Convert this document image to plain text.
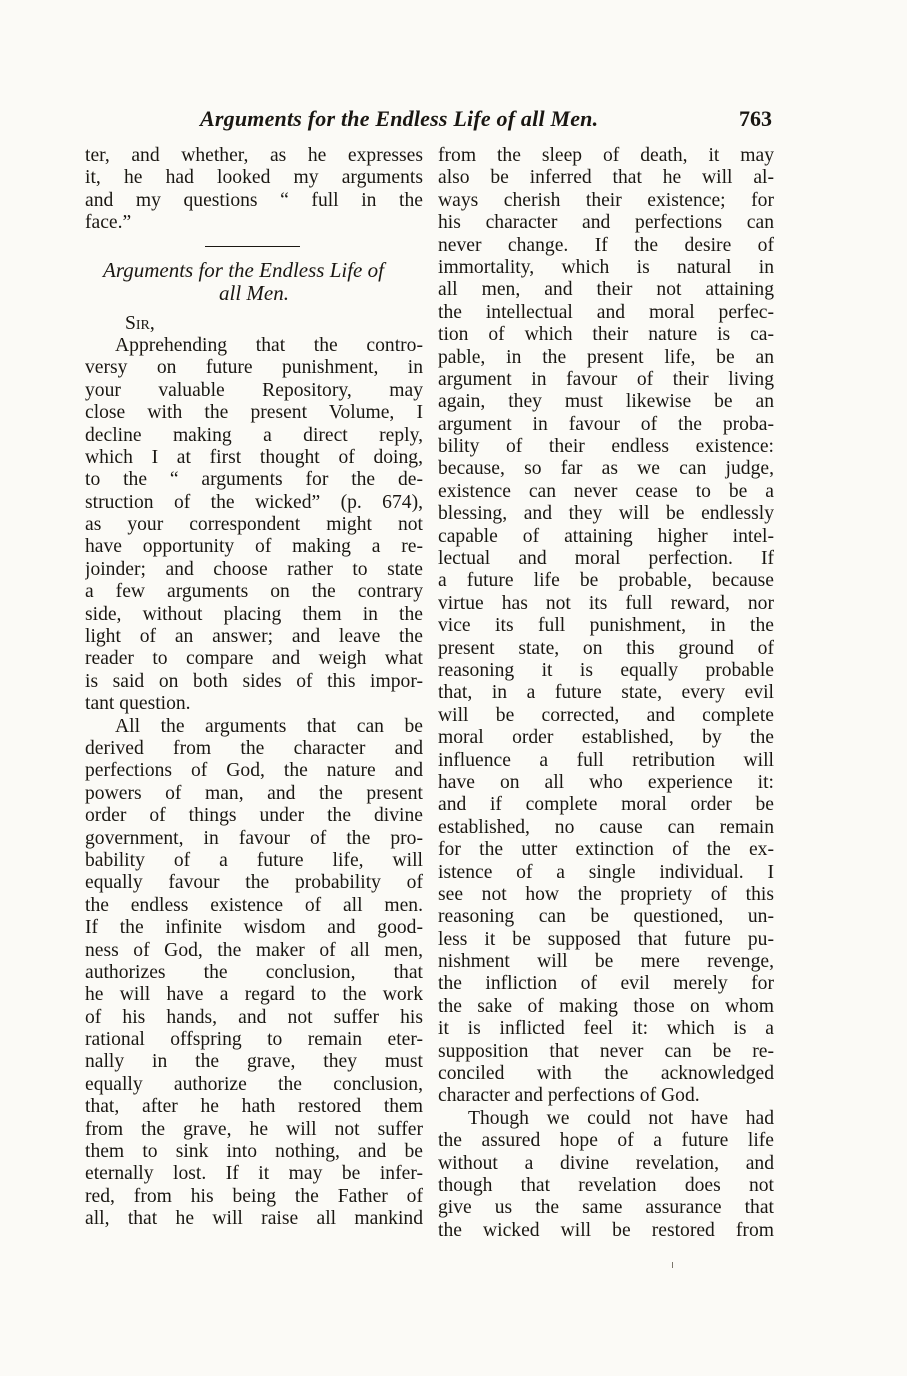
Arguments for the Endless Life of all Men.	763
ter, and whether, as he expresses
it, he had looked my arguments
and my questions “ full in the
face.”
Arguments for the Endless Life of
all Men.
Sir,
Apprehending that the contro-
versy on future punishment, in
your valuable Repository, may
close with the present Volume, I
decline making a direct reply,
which I at first thought of doing,
to the “ arguments for the de-
struction of the wicked” (p. 674),
as your correspondent might not
have opportunity of making a re-
joinder; and choose rather to state
a few arguments on the contrary
side, without placing them in the
light of an answer; and leave the
reader to compare and weigh what
is said on both sides of this impor-
tant question.
All the arguments that can be
derived from the character and
perfections of God, the nature and
powers of man, and the present
order of things under the divine
government, in favour of the pro-
bability of a future life, will
equally favour the probability of
the endless existence of all men.
If the infinite wisdom and good-
ness of God, the maker of all men,
authorizes the conclusion, that
he will have a regard to the work
of his hands, and not suffer his
rational offspring to remain eter-
nally in the grave, they must
equally authorize the conclusion,
that, after he hath restored them
from the grave, he will not suffer
them to sink into nothing, and be
eternally lost. If it may be infer-
red, from his being the Father of
all, that he will raise all mankind
from the sleep of death, it may
also be inferred that he will al-
ways cherish their existence; for
his character and perfections can
never change. If the desire of
immortality, which is natural in
all men, and their not attaining
the intellectual and moral perfec-
tion of which their nature is ca-
pable, in the present life, be an
argument in favour of their living
again, they must likewise be an
argument in favour of the proba-
bility of their endless existence:
because, so far as we can judge,
existence can never cease to be a
blessing, and they will be endlessly
capable of attaining higher intel-
lectual and moral perfection. If
a future life be probable, because
virtue has not its full reward, nor
vice its full punishment, in the
present state, on this ground of
reasoning it is equally probable
that, in a future state, every evil
will be corrected, and complete
moral order established, by the
influence a full retribution will
have on all who experience it:
and if complete moral order be
established, no cause can remain
for the utter extinction of the ex-
istence of a single individual. I
see not how the propriety of this
reasoning can be questioned, un-
less it be supposed that future pu-
nishment will be mere revenge,
the infliction of evil merely for
the sake of making those on whom
it is inflicted feel it: which is a
supposition that never can be re-
conciled with the acknowledged
character and perfections of God.
Though we could not have had
the assured hope of a future life
without a divine revelation, and
though that revelation does not
give us the same assurance that
the wicked will be restored from
